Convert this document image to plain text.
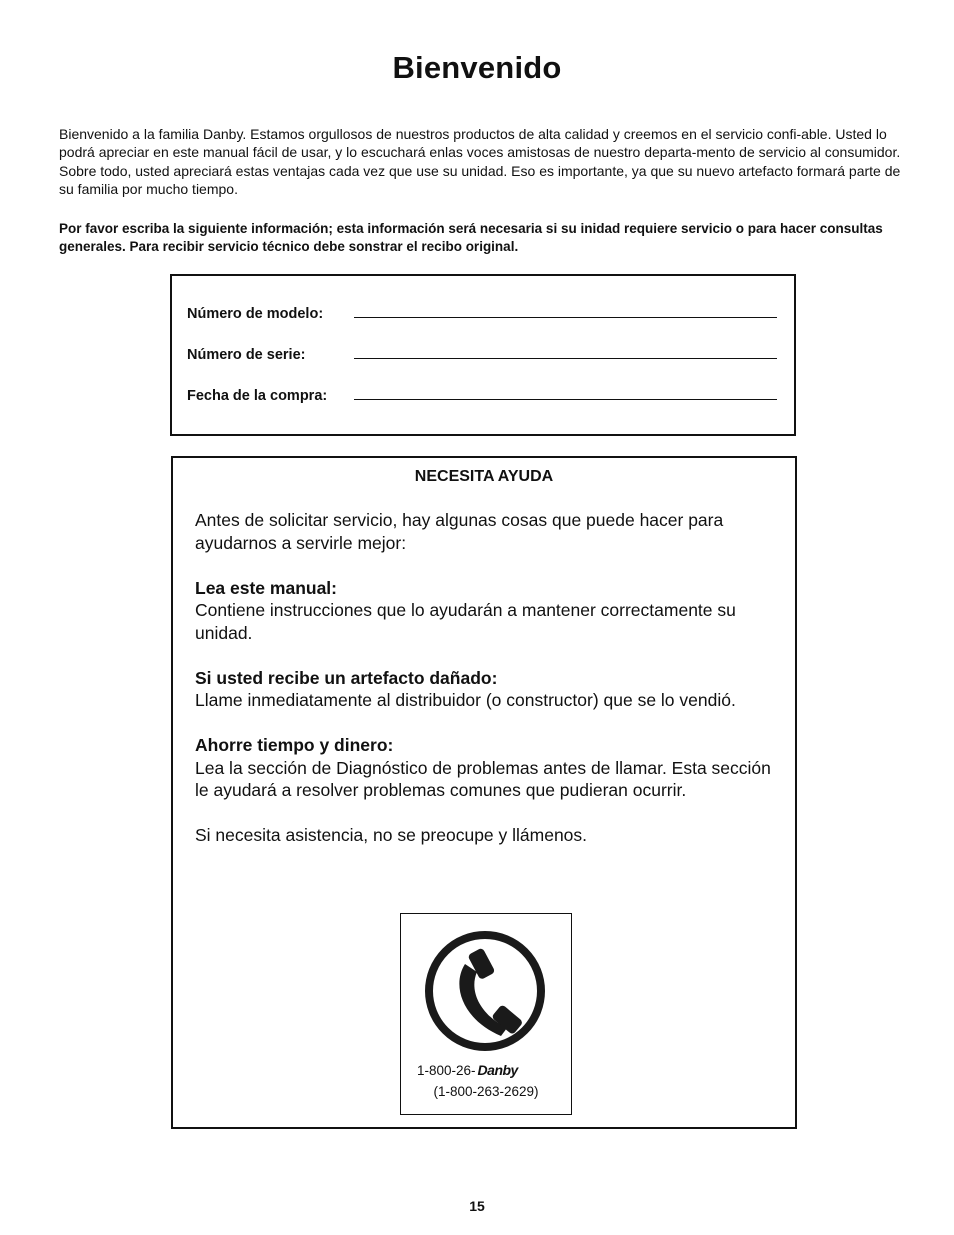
Bienvenido

Bienvenido a la familia Danby. Estamos orgullosos de nuestros productos de alta calidad y creemos en el servicio confi-able. Usted lo podrá apreciar en este manual fácil de usar, y lo escuchará enlas voces amistosas de nuestro departa-mento de servicio al consumidor. Sobre todo, usted apreciará estas ventajas cada vez que use su unidad. Eso es importante, ya que su nuevo artefacto formará parte de su familia por mucho tiempo.

Por favor escriba la siguiente información; esta información será necesaria si su inidad requiere servicio o para hacer consultas generales. Para recibir servicio técnico debe sonstrar el recibo original.

Número de modelo:
Número de serie:
Fecha de la compra:
NECESITA AYUDA

Antes de solicitar servicio, hay algunas cosas que puede hacer para ayudarnos a servirle mejor:

Lea este manual:
Contiene instrucciones que lo ayudarán a mantener correctamente su unidad.

Si usted recibe un artefacto dañado:
Llame inmediatamente al distribuidor (o constructor) que se lo vendió.

Ahorre tiempo y dinero:
Lea la sección de Diagnóstico de problemas antes de llamar. Esta sección le ayudará a resolver problemas comunes que pudieran ocurrir.

Si necesita asistencia, no se preocupe y llámenos.

1-800-26- Danby
(1-800-263-2629)
15
